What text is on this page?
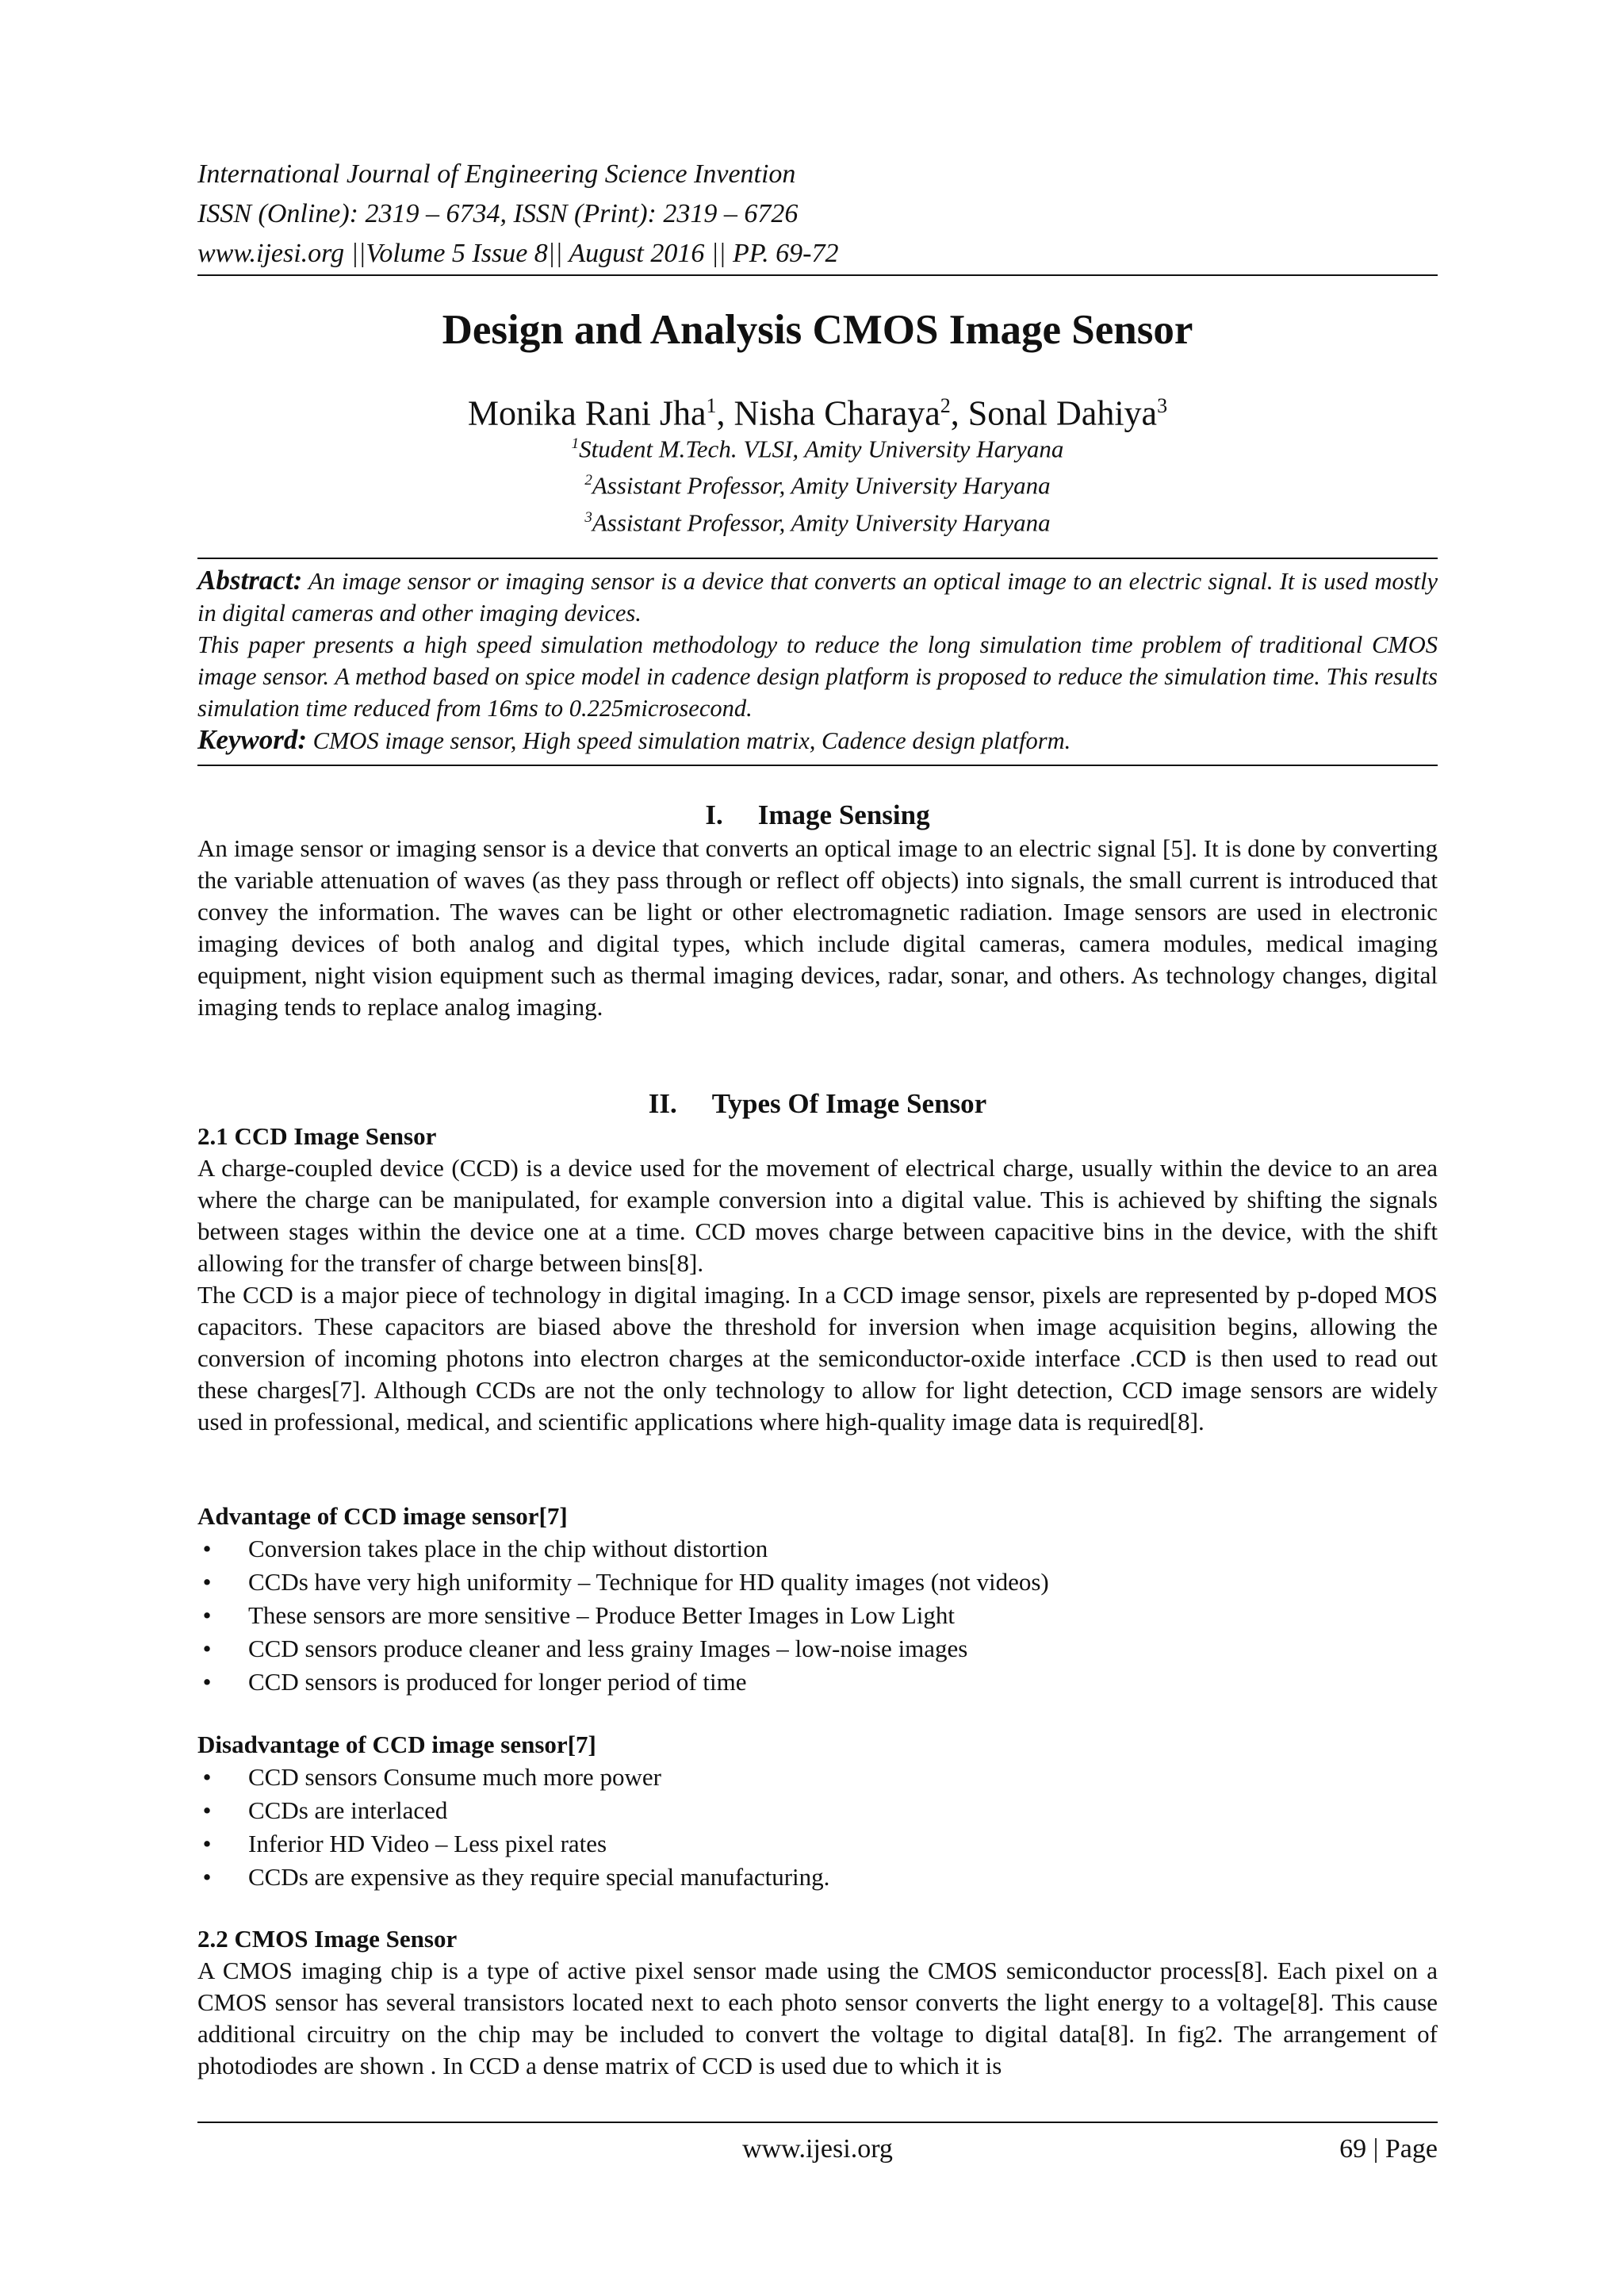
International Journal of Engineering Science Invention
ISSN (Online): 2319 – 6734, ISSN (Print): 2319 – 6726
www.ijesi.org ||Volume 5 Issue 8|| August 2016 || PP. 69-72
Design and Analysis CMOS Image Sensor
Monika Rani Jha$^1$, Nisha Charaya$^2$, Sonal Dahiya$^3$
$^1$Student M.Tech. VLSI, Amity University Haryana
$^2$Assistant Professor, Amity University Haryana
$^3$Assistant Professor, Amity University Haryana

Abstract: An image sensor or imaging sensor is a device that converts an optical image to an electric signal. It is used mostly in digital cameras and other imaging devices.

This paper presents a high speed simulation methodology to reduce the long simulation time problem of traditional CMOS image sensor. A method based on spice model in cadence design platform is proposed to reduce the simulation time. This results simulation time reduced from 16ms to 0.225microsecond.

Keyword: CMOS image sensor, High speed simulation matrix, Cadence design platform.

I. Image Sensing

An image sensor or imaging sensor is a device that converts an optical image to an electric signal [5]. It is done by converting the variable attenuation of waves (as they pass through or reflect off objects) into signals, the small current is introduced that convey the information. The waves can be light or other electromagnetic radiation. Image sensors are used in electronic imaging devices of both analog and digital types, which include digital cameras, camera modules, medical imaging equipment, night vision equipment such as thermal imaging devices, radar, sonar, and others. As technology changes, digital imaging tends to replace analog imaging.

II. Types Of Image Sensor
2.1 CCD Image Sensor

A charge-coupled device (CCD) is a device used for the movement of electrical charge, usually within the device to an area where the charge can be manipulated, for example conversion into a digital value. This is achieved by shifting the signals between stages within the device one at a time. CCD moves charge between capacitive bins in the device, with the shift allowing for the transfer of charge between bins[8].

The CCD is a major piece of technology in digital imaging. In a CCD image sensor, pixels are represented by p-doped MOS capacitors. These capacitors are biased above the threshold for inversion when image acquisition begins, allowing the conversion of incoming photons into electron charges at the semiconductor-oxide interface .CCD is then used to read out these charges[7]. Although CCDs are not the only technology to allow for light detection, CCD image sensors are widely used in professional, medical, and scientific applications where high-quality image data is required[8].

Advantage of CCD image sensor[7]
• Conversion takes place in the chip without distortion
• CCDs have very high uniformity – Technique for HD quality images (not videos)
• These sensors are more sensitive – Produce Better Images in Low Light
• CCD sensors produce cleaner and less grainy Images – low-noise images
• CCD sensors is produced for longer period of time
Disadvantage of CCD image sensor[7]
• CCD sensors Consume much more power
• CCDs are interlaced
• Inferior HD Video – Less pixel rates
• CCDs are expensive as they require special manufacturing.
2.2 CMOS Image Sensor

A CMOS imaging chip is a type of active pixel sensor made using the CMOS semiconductor process[8]. Each pixel on a CMOS sensor has several transistors located next to each photo sensor converts the light energy to a voltage[8]. This cause additional circuitry on the chip may be included to convert the voltage to digital data[8]. In fig2. The arrangement of photodiodes are shown . In CCD a dense matrix of CCD is used due to which it is

www.ijesi.org	69 | Page
